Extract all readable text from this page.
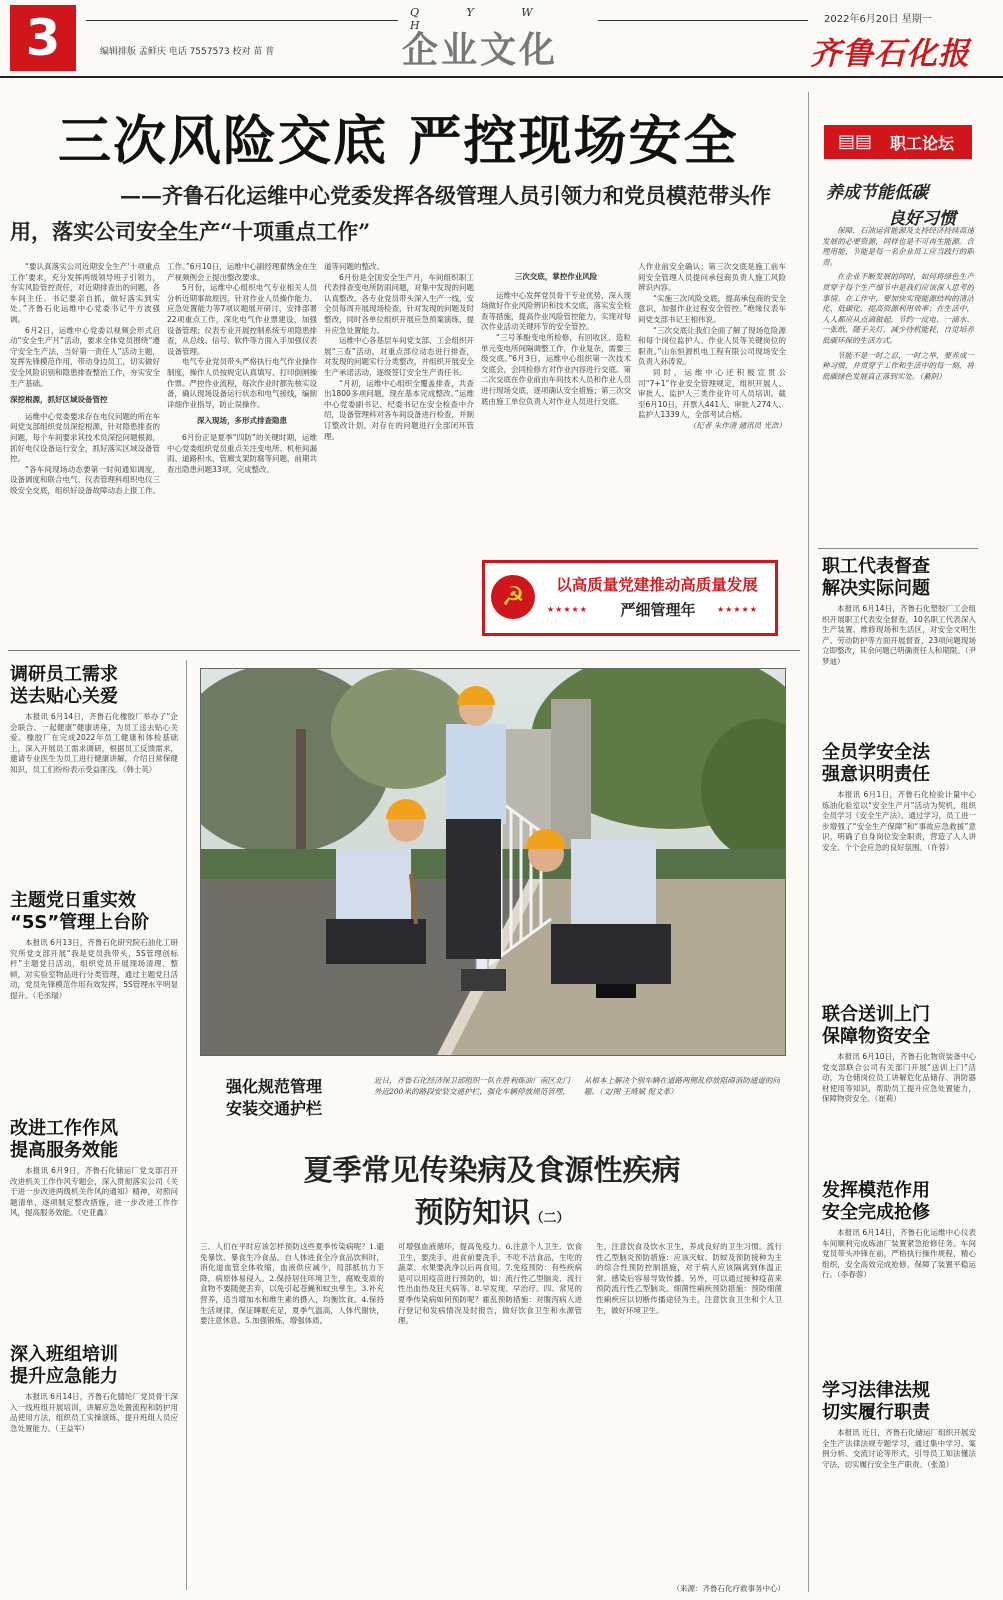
3	Q Y W H
企业文化
编辑排版 孟鲜庆 电话 7557573 校对 苗 普
2022年6月20日 星期一
齐鲁石化报
三次风险交底 严控现场安全
——齐鲁石化运维中心党委发挥各级管理人员引领力和党员模范带头作
用，落实公司安全生产“十项重点工作”

“要认真落实公司近期安全生产‘十项重点工作’要求，充分发挥两级领导班子引领力，夯实风险管控责任，对近期排查出的问题，各车间主任、书记要亲自抓，做好落实到实处。”齐鲁石化运维中心党委书记牛方波强调。

6月2日，运维中心党委以视频会形式启动“安全生产月”活动，要求全体党员围绕“遵守安全生产法，当好第一责任人”活动主题，发挥先锋模范作用，带动身边员工，切实做好安全风险识别和隐患排查整治工作，夯实安全生产基础。

深挖根源，抓好区域设备管控

运维中心党委要求存在电仪问题的所在车间党支部组织党员深挖根源，针对隐患排查的问题，每个车间要求其技术员深挖问题根源，抓好电仪设备运行安全，抓好落实区域设备管控。

“各车间现场动态要第一时间通知调度，设备调度和联合电气、仪表管理科组织电仪三级安全交底，组织好设备故障动态上报工作。

工作。”6月10日，运维中心副经理翟绣金在生产视频例会上提出整改要求。

5月份，运维中心组织电气专业相关人员分析近期事故原因，针对作业人员操作能力、应急处置能力等7项议题展开研讨，安排部署22项重点工作，深化电气作业票建设，加强设备管理；仪表专业开展控制系统专项隐患排查，从总线、信号、软件等方面入手加强仪表设备管理。

电气专业党员带头严格执行电气作业操作制度，操作人员按规定认真填写、打印倒闸操作票。严控作业流程，每次作业时都先核实设备，确认现场设备运行状态和电气接线，编制详细作业指导，防止误操作。

深入现场，多形式排查隐患

6月份正是夏季“四防”的关键时期，运维中心党委组织党员重点关注变电所、机柜间漏雨、道路积水、管廊支架防腐等问题，前期共查出隐患问题33项，完成整改。

道等问题的整改。

6月份是全国安全生产月，车间组织职工代表排查变电所防雨问题，对集中发现的问题认真整改。各专业党员带头深入生产一线，安全员每周开展现场检查，针对发现的问题及时整改，同时各单位组织开展应急预案演练，提升应急处置能力。

运维中心各基层车间党支部、工会组织开展“三查”活动，对重点部位动态进行排查，对发现的问题实行分类整改，并组织开展安全生产承诺活动，逐级签订安全生产责任书。

“月初，运维中心组织全覆盖排查，共查出1800多项问题，现在基本完成整改。”运维中心党委副书记、纪委书记在安全检查中介绍，设备管理科对各车间设备进行检查，并制订整改计划，对存在的问题进行全部闭环管理。

三次交底，掌控作业风险

运维中心发挥党员骨干专业优势，深入现场做好作业风险辨识和技术交底，落实安全检查等措施，提高作业风险管控能力，实现对每次作业活动关键环节的安全管控。

“三号苯酚变电所检修，有回收区、造粒单元变电所间隔调整工作，作业复杂，需要三级交底。”6月3日，运维中心组织第一次技术交底会，会同检修方对作业内容进行交底。第二次交底在作业前由车间技术人员和作业人员进行现场交底，逐项确认安全措施；第三次交底由施工单位负责人对作业人员进行交底。

人作业前安全确认；第三次交底是施工前车间安全管理人员提问承包商负责人施工风险辨识内容。

“实施三次风险交底，提高承包商的安全意识，加强作业过程安全管控。”绝缘仪表车间党支部书记王相伟说。

“三次交底让我们全面了解了现场危险源和每个岗位监护人、作业人员等关键岗位的职责。”山东恒源机电工程有限公司现场安全负责人孙涛说。

同时，运维中心还积极宣贯公司“7+1”作业安全管理规定，组织开展人、审批人、监护人三类作业许可人员培训。截至6月10日，开票人441人、审批人274人、监护人1339人，全部考试合格。

（纪者 朱作清 通讯员 光浩）

☭	以高质量党建推动高质量发展
★★★★★	严细管理年	★★★★★
▤▤	职工论坛
养成节能低碳
良好习惯

保障、石油运营能源及支持经济持续高速发展的必要资源，同样也是不可再生能源。合理用能，节能是每一名企业员工应当践行的职责。

在企业不断发展的同时，如何将绿色生产贯穿于每个生产细节中是我们应该深入思考的事情。在工作中，要加快实现能源结构的清洁化、低碳化，提高资源利用效率；在生活中，人人都应从点滴做起，节约一度电、一滴水、一张纸，随手关灯，减少待机能耗，自觉培养低碳环保的生活方式。

节能不是一时之忍，一时之举，要养成一种习惯，并贯穿于工作和生活中的每一刻，将低碳绿色发展真正落到实处。（綦阴）

职工代表督查
解决实际问题
本报讯 6月14日，齐鲁石化塑胶厂工会组织开展职工代表安全督查，10名职工代表深入生产装置、维修现场和生活区，对安全文明生产、劳动防护等方面开展督查，23项问题现场立即整改，其余问题已明确责任人和期限。（尹梦迪）
全员学安全法
强意识明责任
本报讯 6月1日，齐鲁石化检验计量中心炼油化验室以“安全生产月”活动为契机，组织全员学习《安全生产法》。通过学习，员工进一步增强了“安全生产保障”和“事故应急救援”意识，明确了自身岗位安全职责，营造了人人讲安全、个个会应急的良好氛围。（许蓉）
联合送训上门
保障物资安全
本报讯 6月10日，齐鲁石化物资装备中心党支部联合公司有关部门开展“送训上门”活动，为仓储岗位员工讲解危化品储存、消防器材使用等知识，帮助员工提升应急处置能力，保障物资安全。（崔莉）
发挥模范作用
安全完成抢修
本报讯 6月14日，齐鲁石化运维中心仪表车间顺利完成炼油厂装置紧急抢修任务。车间党员带头冲锋在前，严格执行操作规程，精心组织，安全高效完成抢修，保障了装置平稳运行。（李春蓉）
学习法律法规
切实履行职责
本报讯 近日，齐鲁石化储运厂组织开展安全生产法律法规专题学习，通过集中学习、案例分析、交流讨论等形式，引导员工知法懂法守法，切实履行安全生产职责。（张盈）
调研员工需求
送去贴心关爱
本报讯 6月14日，齐鲁石化橡胶厂举办了“企会联合、一起健康”健康讲座，为员工送去贴心关爱。橡胶厂在完成2022年员工健康和体检基础上，深入开展员工需求调研，根据员工反馈需求，邀请专业医生为员工进行健康讲解，介绍日常保健知识，员工们纷纷表示受益匪浅。（韩士英）
主题党日重实效
“5S”管理上台阶
本报讯 6月13日，齐鲁石化研究院石油化工研究所党支部开展“我是党员我带头，5S管理创标杆”主题党日活动，组织党员开展现场清理、整顿，对实验室物品进行分类管理，通过主题党日活动，党员先锋模范作用有效发挥，5S管理水平明显提升。（毛丞瑞）
改进工作作风
提高服务效能
本报讯 6月9日，齐鲁石化储运厂党支部召开改进机关工作作风专题会，深入贯彻落实公司《关于进一步改进两级机关作风的通知》精神，对照问题清单，逐项制定整改措施，进一步改进工作作风，提高服务效能。（史亚鑫）
深入班组培训
提升应急能力
本报讯 6月14日，齐鲁石化腈纶厂党员骨干深入一线班组开展培训，讲解应急处置流程和防护用品使用方法，组织员工实操演练，提升班组人员应急处置能力。（王益军）
强化规范管理
安装交通护栏
近日，齐鲁石化经济保卫部组织一队在胜利炼油厂南区北门外近200米的路段安装交通护栏，强化车辆停放规范管理，从根本上解决个别车辆在道路两侧乱停放阻碍消防通道的问题。（文/图 王绮斌 倪文革）
夏季常见传染病及食源性疾病
预防知识（二）
三、人们在平时应该怎样预防这些夏季传染病呢？1.避免暴饮、暴食生冷食品。自人体进食全冷食品饮料时，消化道血管全体收缩，血液供应减少，局部抵抗力下降，病原体易侵入。2.保持居住环境卫生，腐败变质的食物不要随便丢弃，以免引起苍蝇和蚊虫孳生。3.补充营养，适当增加水和维生素的摄入，均衡饮食。4.保持生活规律，保证睡眠充足，夏季气温高，人体代谢快，要注意休息。5.加强锻炼，增强体质。
可增强血液循环，提高免疫力。6.注意个人卫生、饮食卫生，要洗手，进食前要洗手，不吃不洁食品，生吃的蔬菜、水果要洗净以后再食用。7.免疫预防：有些疾病是可以用疫苗进行预防的，如：流行性乙型脑炎、流行性出血热及狂犬病等。8.早发现、早治疗。四、常见的夏季传染病如何预防呢？霍乱预防措施：对腹泻病人进行登记和发病情况及时报告，做好饮食卫生和水源管理。
生，注意饮食及饮水卫生，养成良好的卫生习惯。流行性乙型脑炎预防措施：应该灭蚊、防蚊及预防接种为主的综合性预防控制措施，对于病人应该隔离到体温正常。感染后容易导致传播。另外，可以通过接种疫苗来预防流行性乙型脑炎。细菌性痢疾预防措施：预防细菌性痢疾应以切断传播途径为主，注意饮食卫生和个人卫生，做好环境卫生。
（来源：齐鲁石化疗救事务中心）
